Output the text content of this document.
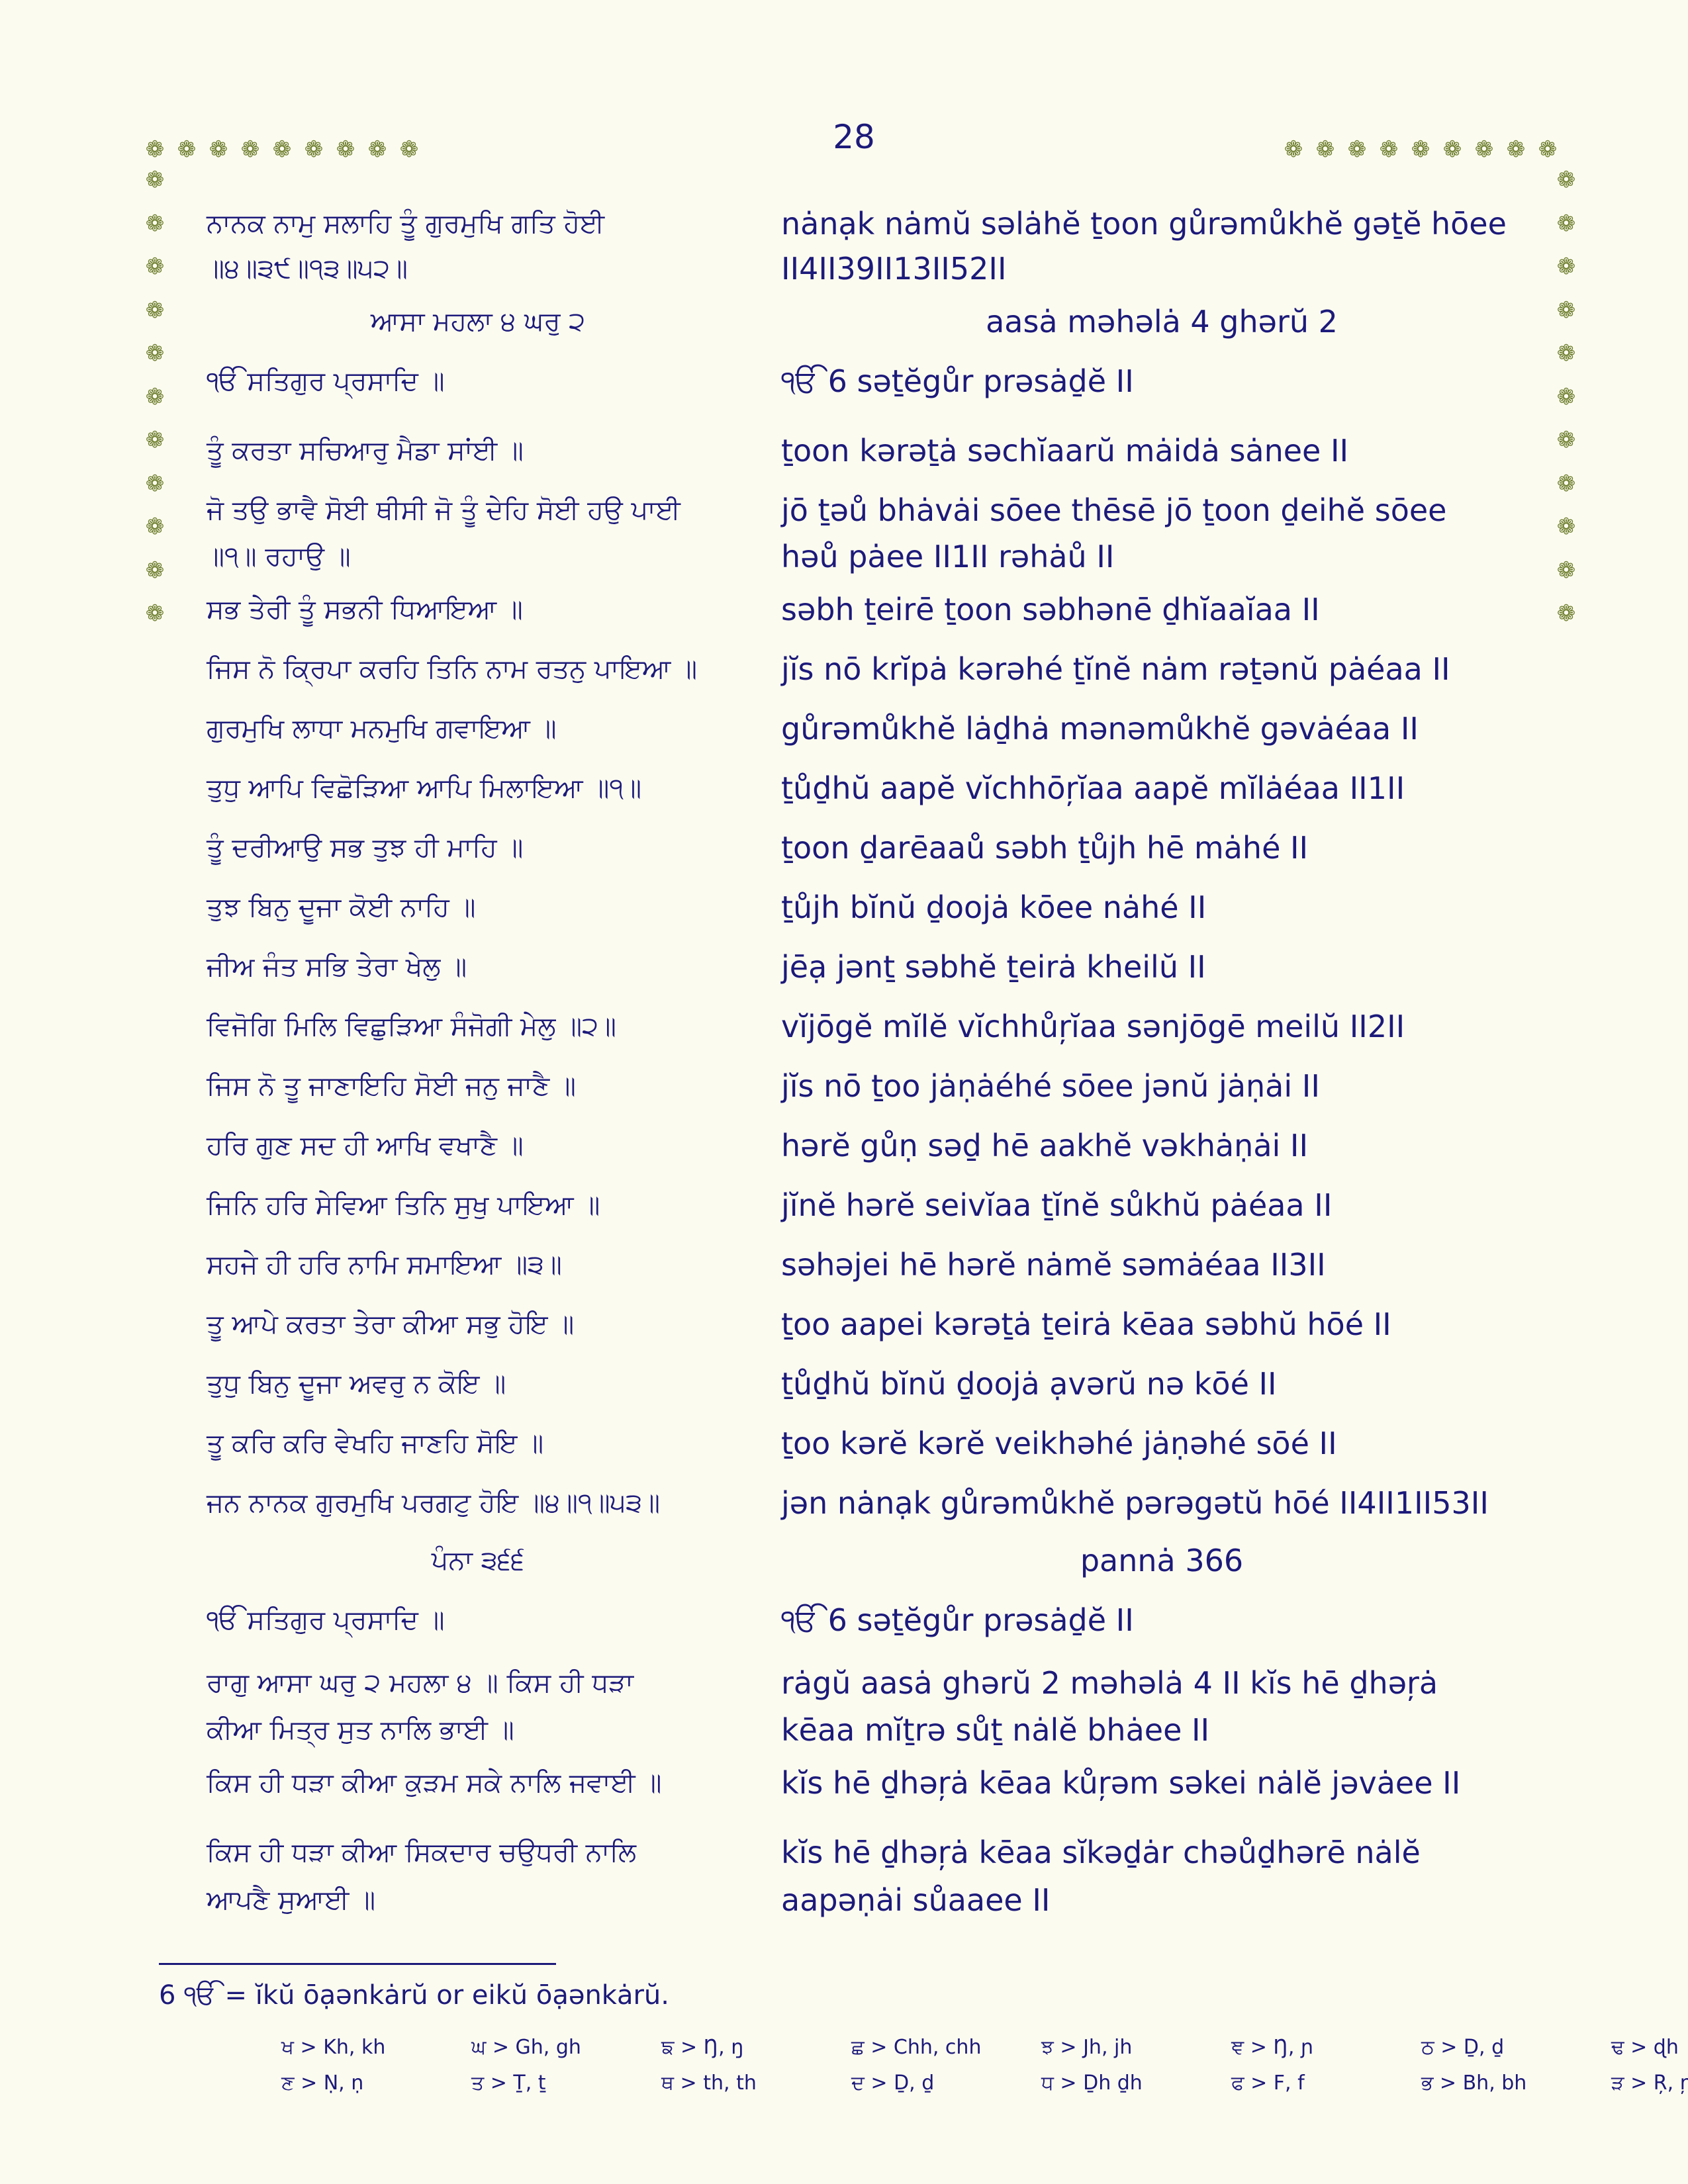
28
❁ ❁ ❁ ❁ ❁ ❁ ❁ ❁ ❁	❁ ❁ ❁ ❁ ❁ ❁ ❁ ❁ ❁
❁
❁
❁
❁
❁
❁
❁
❁
❁
❁
❁
❁
❁
❁
❁
❁
❁
❁
❁
❁
❁
❁
ਨਾਨਕ ਨਾਮੁ ਸਲਾਹਿ ਤੂੰ ਗੁਰਮੁਖਿ ਗਤਿ ਹੋਈ	nȧnạk nȧmŭ səlȧhĕ ṯoon gůrəmůkhĕ gəṯĕ hōee
॥੪॥੩੯॥੧੩॥੫੨॥	II4II39II13II52II
ਆਸਾ ਮਹਲਾ ੪ ਘਰੁ ੨	aasȧ məhəlȧ 4 ghərŭ 2
ੴ ਸਤਿਗੁਰ ਪ੍ਰਸਾਦਿ ॥	ੴ 6 səṯĕgůr prəsȧḏĕ II
ਤੂੰ ਕਰਤਾ ਸਚਿਆਰੁ ਮੈਡਾ ਸਾਂਈ ॥	ṯoon kərəṯȧ səchĭaarŭ mȧidȧ sȧnee II
ਜੋ ਤਉ ਭਾਵੈ ਸੋਈ ਥੀਸੀ ਜੋ ਤੂੰ ਦੇਹਿ ਸੋਈ ਹਉ ਪਾਈ	jō ṯəů bhȧvȧi sōee thēsē jō ṯoon ḏeihĕ sōee
॥੧॥ ਰਹਾਉ ॥	həů pȧee II1II rəhȧů II
ਸਭ ਤੇਰੀ ਤੂੰ ਸਭਨੀ ਧਿਆਇਆ ॥	səbh ṯeirē ṯoon səbhənē ḏhĭaaĭaa II
ਜਿਸ ਨੋ ਕ੍ਰਿਪਾ ਕਰਹਿ ਤਿਨਿ ਨਾਮ ਰਤਨੁ ਪਾਇਆ ॥	jĭs nō krĭpȧ kərəhé ṯĭnĕ nȧm rəṯənŭ pȧéaa II
ਗੁਰਮੁਖਿ ਲਾਧਾ ਮਨਮੁਖਿ ਗਵਾਇਆ ॥	gůrəmůkhĕ lȧḏhȧ mənəmůkhĕ gəvȧéaa II
ਤੁਧੁ ਆਪਿ ਵਿਛੋੜਿਆ ਆਪਿ ਮਿਲਾਇਆ ॥੧॥	ṯůḏhŭ aapĕ vĭchhōŗĭaa aapĕ mĭlȧéaa II1II
ਤੂੰ ਦਰੀਆਉ ਸਭ ਤੁਝ ਹੀ ਮਾਹਿ ॥	ṯoon ḏarēaaů səbh ṯůjh hē mȧhé II
ਤੁਝ ਬਿਨੁ ਦੂਜਾ ਕੋਈ ਨਾਹਿ ॥	ṯůjh bĭnŭ ḏoojȧ kōee nȧhé II
ਜੀਅ ਜੰਤ ਸਭਿ ਤੇਰਾ ਖੇਲੁ ॥	jēạ jənṯ səbhĕ ṯeirȧ kheilŭ II
ਵਿਜੋਗਿ ਮਿਲਿ ਵਿਛੁੜਿਆ ਸੰਜੋਗੀ ਮੇਲੁ ॥੨॥	vĭjōgĕ mĭlĕ vĭchhůŗĭaa sənjōgē meilŭ II2II
ਜਿਸ ਨੋ ਤੂ ਜਾਣਾਇਹਿ ਸੋਈ ਜਨੁ ਜਾਣੈ ॥	jĭs nō ṯoo jȧṇȧéhé sōee jənŭ jȧṇȧi II
ਹਰਿ ਗੁਣ ਸਦ ਹੀ ਆਖਿ ਵਖਾਣੈ ॥	hərĕ gůṇ səḏ hē aakhĕ vəkhȧṇȧi II
ਜਿਨਿ ਹਰਿ ਸੇਵਿਆ ਤਿਨਿ ਸੁਖੁ ਪਾਇਆ ॥	jĭnĕ hərĕ seivĭaa ṯĭnĕ sůkhŭ pȧéaa II
ਸਹਜੇ ਹੀ ਹਰਿ ਨਾਮਿ ਸਮਾਇਆ ॥੩॥	səhəjei hē hərĕ nȧmĕ səmȧéaa II3II
ਤੂ ਆਪੇ ਕਰਤਾ ਤੇਰਾ ਕੀਆ ਸਭੁ ਹੋਇ ॥	ṯoo aapei kərəṯȧ ṯeirȧ kēaa səbhŭ hōé II
ਤੁਧੁ ਬਿਨੁ ਦੂਜਾ ਅਵਰੁ ਨ ਕੋਇ ॥	ṯůḏhŭ bĭnŭ ḏoojȧ ạvərŭ nə kōé II
ਤੂ ਕਰਿ ਕਰਿ ਵੇਖਹਿ ਜਾਣਹਿ ਸੋਇ ॥	ṯoo kərĕ kərĕ veikhəhé jȧṇəhé sōé II
ਜਨ ਨਾਨਕ ਗੁਰਮੁਖਿ ਪਰਗਟੁ ਹੋਇ ॥੪॥੧॥੫੩॥	jən nȧnạk gůrəmůkhĕ pərəgətŭ hōé II4II1II53II
ਪੰਨਾ ੩੬੬	pannȧ 366
ੴ ਸਤਿਗੁਰ ਪ੍ਰਸਾਦਿ ॥	ੴ 6 səṯĕgůr prəsȧḏĕ II
ਰਾਗੁ ਆਸਾ ਘਰੁ ੨ ਮਹਲਾ ੪ ॥ ਕਿਸ ਹੀ ਧੜਾ	rȧgŭ aasȧ ghərŭ 2 məhəlȧ 4 II kĭs hē ḏhəŗȧ
ਕੀਆ ਮਿਤ੍ਰ ਸੁਤ ਨਾਲਿ ਭਾਈ ॥	kēaa mĭṯrə sůṯ nȧlĕ bhȧee II
ਕਿਸ ਹੀ ਧੜਾ ਕੀਆ ਕੁੜਮ ਸਕੇ ਨਾਲਿ ਜਵਾਈ ॥	kĭs hē ḏhəŗȧ kēaa kůŗəm səkei nȧlĕ jəvȧee II
ਕਿਸ ਹੀ ਧੜਾ ਕੀਆ ਸਿਕਦਾਰ ਚਉਧਰੀ ਨਾਲਿ	kĭs hē ḏhəŗȧ kēaa sĭkəḏȧr chəůḏhərē nȧlĕ
ਆਪਣੈ ਸੁਆਈ ॥	aapəṇȧi sůaaee II
6 ੴ = ĭkŭ ōạənkȧrŭ or eikŭ ōạənkȧrŭ.
ਖ > Kh, kh	ਘ > Gh, gh	ਙ > Ŋ, ŋ	ਛ > Chh, chh	ਝ > Jh, jh	ਞ > Ŋ, ɲ	ਠ > Ḏ, ḏ	ਢ > ɖh
ਣ > Ṇ, ṇ	ਤ > Ṯ, ṯ	ਥ > th, th	ਦ > Ḏ, ḏ	ਧ > Ḏh ḏh	ਫ > F, f	ਭ > Bh, bh	ੜ > Ŗ, ŗ
